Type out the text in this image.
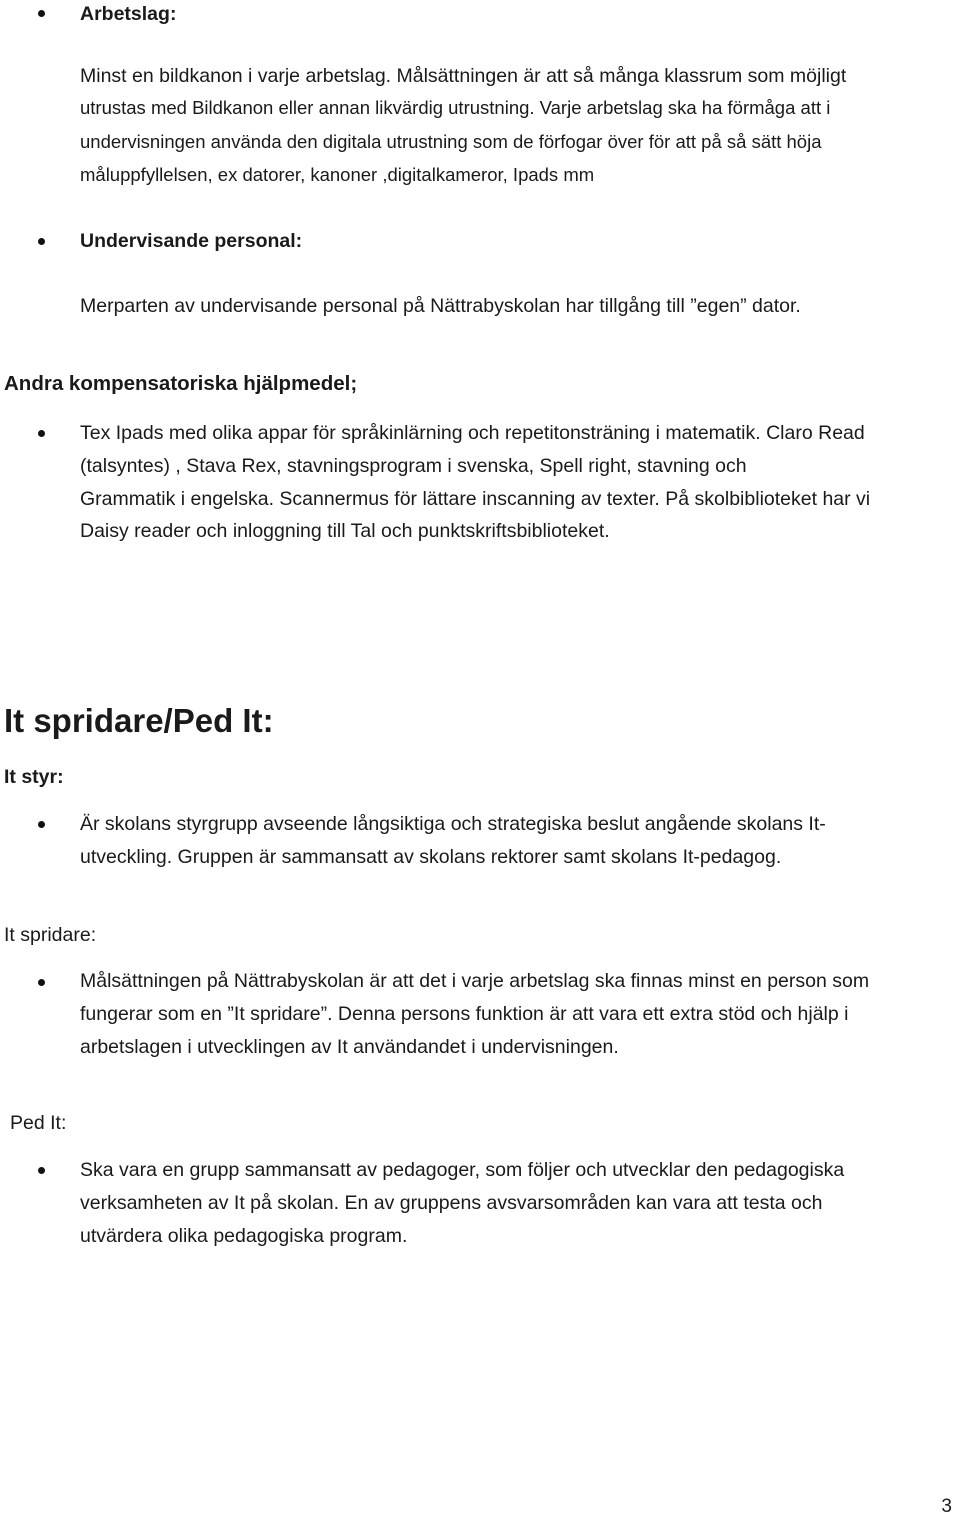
Arbetslag:
Minst en bildkanon i varje arbetslag. Målsättningen är att så många klassrum som möjligt
utrustas med Bildkanon eller annan likvärdig utrustning. Varje arbetslag ska ha förmåga att i
undervisningen använda den digitala utrustning som de förfogar över för att på så sätt höja
måluppfyllelsen, ex datorer, kanoner ,digitalkameror, Ipads mm
Undervisande personal:
Merparten av undervisande personal på Nättrabyskolan har tillgång till ”egen” dator.
Andra kompensatoriska hjälpmedel;
Tex Ipads med olika appar för språkinlärning och repetitonsträning i matematik. Claro Read
(talsyntes) , Stava Rex, stavningsprogram i svenska, Spell right, stavning och
Grammatik i engelska. Scannermus för lättare inscanning av texter. På skolbiblioteket har vi
Daisy reader och inloggning till Tal och punktskriftsbiblioteket.
It spridare/Ped It:
It styr:
Är skolans styrgrupp avseende långsiktiga och strategiska beslut angående skolans It-
utveckling. Gruppen är sammansatt av skolans rektorer samt skolans It-pedagog.
It spridare:
Målsättningen på Nättrabyskolan är att det i varje arbetslag ska finnas minst en person som
fungerar som en ”It spridare”. Denna persons funktion är att vara ett extra stöd och hjälp i
arbetslagen i utvecklingen av It användandet i undervisningen.
Ped It:
Ska vara en grupp sammansatt av pedagoger, som följer och utvecklar den pedagogiska
verksamheten av It på skolan. En av gruppens avsvarsområden kan vara att testa och
utvärdera olika pedagogiska program.
3
